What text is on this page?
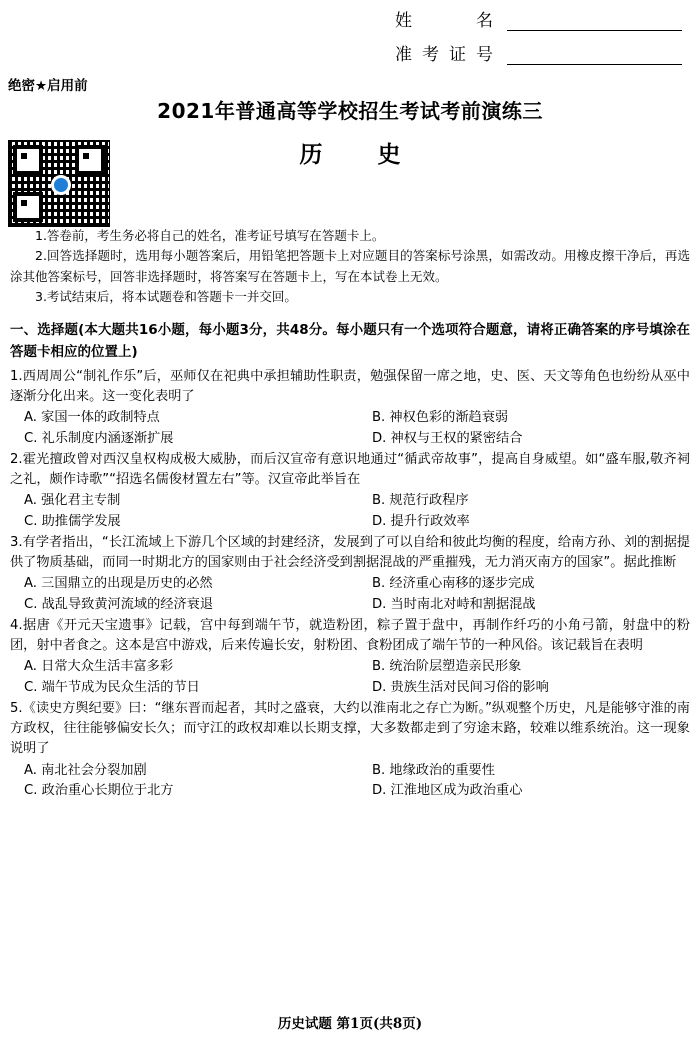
姓　　名
准考证号
绝密★启用前
2021年普通高等学校招生考试考前演练三
历　史

1.答卷前，考生务必将自己的姓名，准考证号填写在答题卡上。

2.回答选择题时，选用每小题答案后，用铅笔把答题卡上对应题目的答案标号涂黑，如需改动。用橡皮擦干净后，再选涂其他答案标号，回答非选择题时，将答案写在答题卡上，写在本试卷上无效。

3.考试结束后，将本试题卷和答题卡一并交回。

一、选择题(本大题共16小题，每小题3分，共48分。每小题只有一个选项符合题意，请将正确答案的序号填涂在答题卡相应的位置上)
1.西周周公“制礼作乐”后，巫师仅在祀典中承担辅助性职责，勉强保留一席之地，史、医、天文等角色也纷纷从巫中逐渐分化出来。这一变化表明了
A. 家国一体的政制特点	B. 神权色彩的渐趋衰弱
C. 礼乐制度内涵逐渐扩展	D. 神权与王权的紧密结合
2.霍光擅政曾对西汉皇权构成极大威胁，而后汉宣帝有意识地通过“循武帝故事”，提高自身威望。如“盛车服,敬齐祠之礼，颇作诗歌”“招选名儒俊材置左右”等。汉宣帝此举旨在
A. 强化君主专制	B. 规范行政程序
C. 助推儒学发展	D. 提升行政效率
3.有学者指出，“长江流域上下游几个区域的封建经济，发展到了可以自给和彼此均衡的程度，给南方孙、刘的割据提供了物质基础，而同一时期北方的国家则由于社会经济受到割据混战的严重摧残，无力消灭南方的国家”。据此推断
A. 三国鼎立的出现是历史的必然	B. 经济重心南移的逐步完成
C. 战乱导致黄河流域的经济衰退	D. 当时南北对峙和割据混战
4.据唐《开元天宝遗事》记载，宫中每到端午节，就造粉团，粽子置于盘中，再制作纤巧的小角弓箭，射盘中的粉团，射中者食之。这本是宫中游戏，后来传遍长安，射粉团、食粉团成了端午节的一种风俗。该记载旨在表明
A. 日常大众生活丰富多彩	B. 统治阶层塑造亲民形象
C. 端午节成为民众生活的节日	D. 贵族生活对民间习俗的影响
5.《读史方舆纪要》曰：“继东晋而起者，其时之盛衰，大约以淮南北之存亡为断。”纵观整个历史，凡是能够守淮的南方政权，往往能够偏安长久；而守江的政权却难以长期支撑，大多数都走到了穷途末路，较难以维系统治。这一现象说明了
A. 南北社会分裂加剧	B. 地缘政治的重要性
C. 政治重心长期位于北方	D. 江淮地区成为政治重心
历史试题 第1页(共8页)
